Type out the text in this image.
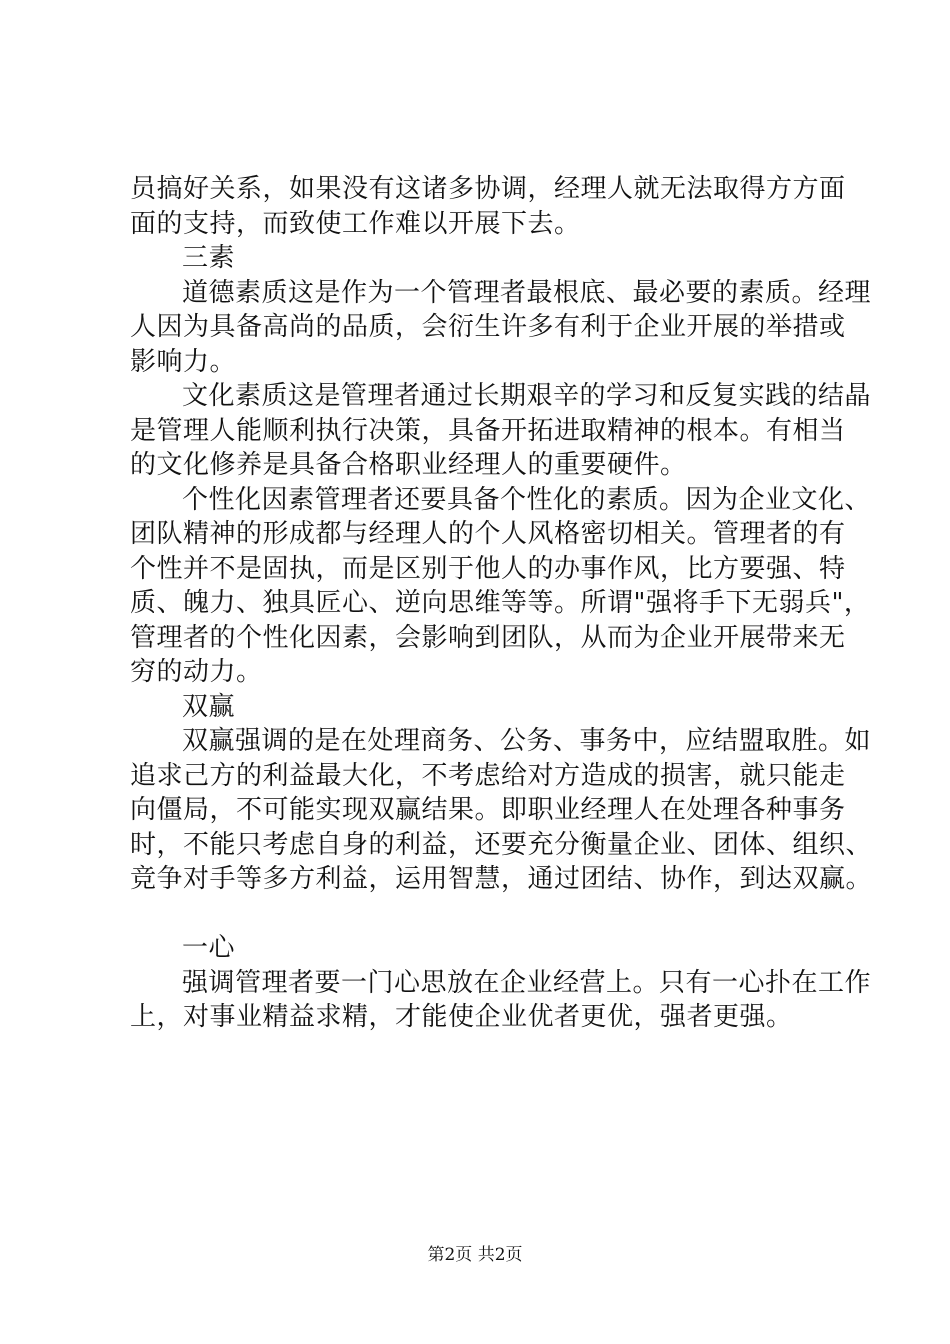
员搞好关系，如果没有这诸多协调，经理人就无法取得方方面
面的支持，而致使工作难以开展下去。
三素
道德素质这是作为一个管理者最根底、最必要的素质。经理
人因为具备高尚的品质，会衍生许多有利于企业开展的举措或
影响力。
文化素质这是管理者通过长期艰辛的学习和反复实践的结晶
是管理人能顺利执行决策，具备开拓进取精神的根本。有相当
的文化修养是具备合格职业经理人的重要硬件。
个性化因素管理者还要具备个性化的素质。因为企业文化、
团队精神的形成都与经理人的个人风格密切相关。管理者的有
个性并不是固执，而是区别于他人的办事作风，比方要强、特
质、魄力、独具匠心、逆向思维等等。所谓"强将手下无弱兵"，
管理者的个性化因素，会影响到团队，从而为企业开展带来无
穷的动力。
双赢
双赢强调的是在处理商务、公务、事务中，应结盟取胜。如
追求己方的利益最大化，不考虑给对方造成的损害，就只能走
向僵局，不可能实现双赢结果。即职业经理人在处理各种事务
时，不能只考虑自身的利益，还要充分衡量企业、团体、组织、
竞争对手等多方利益，运用智慧，通过团结、协作，到达双赢。
一心
强调管理者要一门心思放在企业经营上。只有一心扑在工作
上，对事业精益求精，才能使企业优者更优，强者更强。
第2页 共2页
